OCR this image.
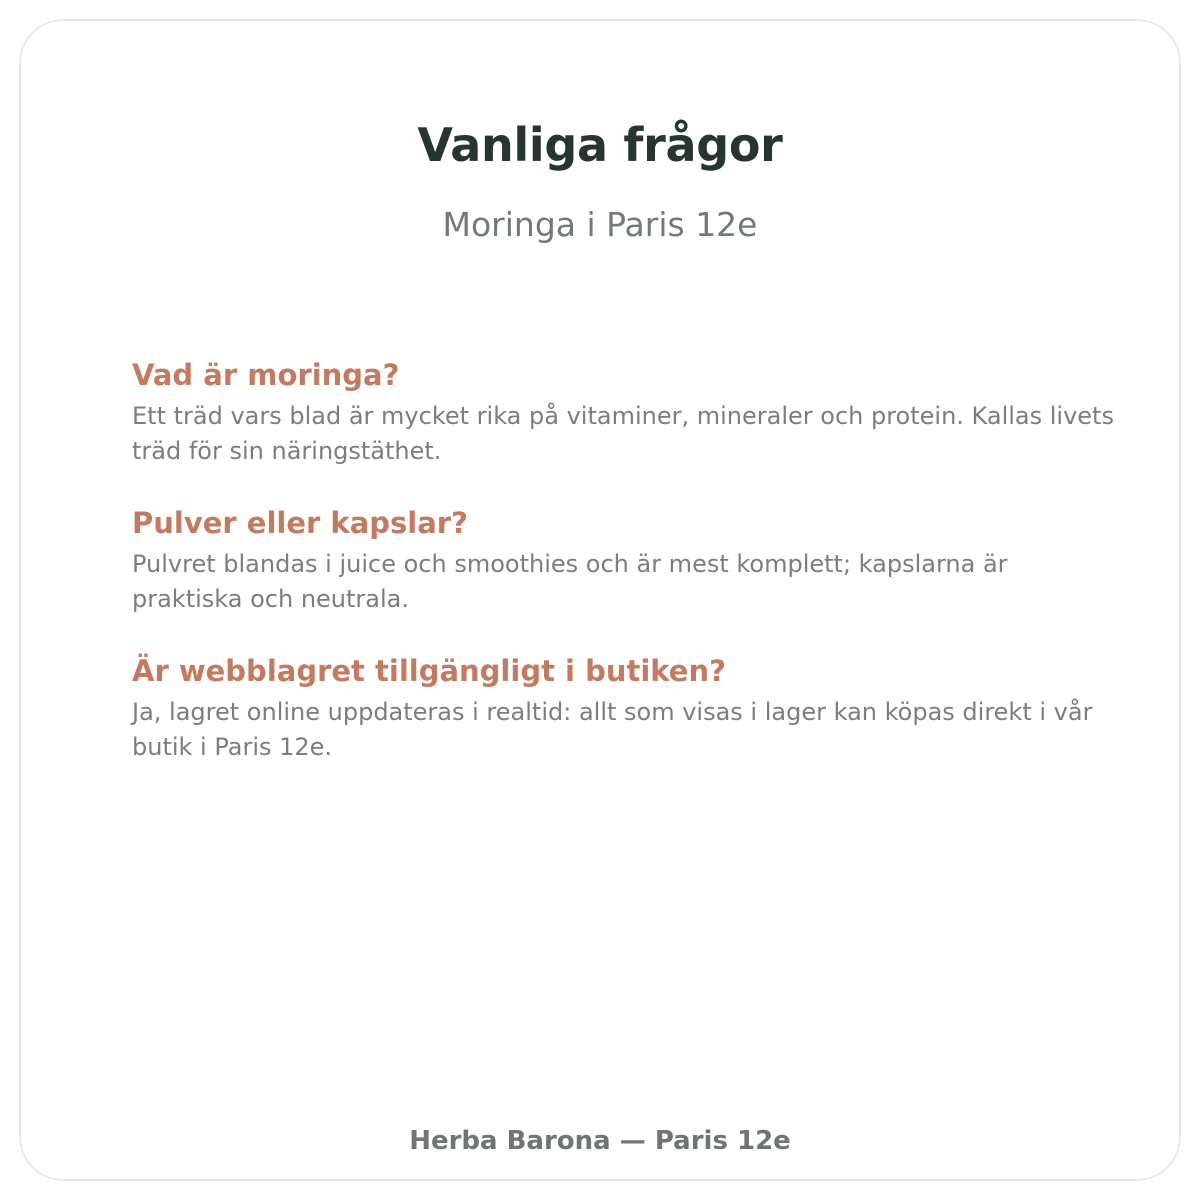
Vanliga frågor

Moringa i Paris 12e

Vad är moringa?

Ett träd vars blad är mycket rika på vitaminer, mineraler och protein. Kallas livets träd för sin näringstäthet.

Pulver eller kapslar?

Pulvret blandas i juice och smoothies och är mest komplett; kapslarna är praktiska och neutrala.

Är webblagret tillgängligt i butiken?

Ja, lagret online uppdateras i realtid: allt som visas i lager kan köpas direkt i vår butik i Paris 12e.

Herba Barona — Paris 12e
